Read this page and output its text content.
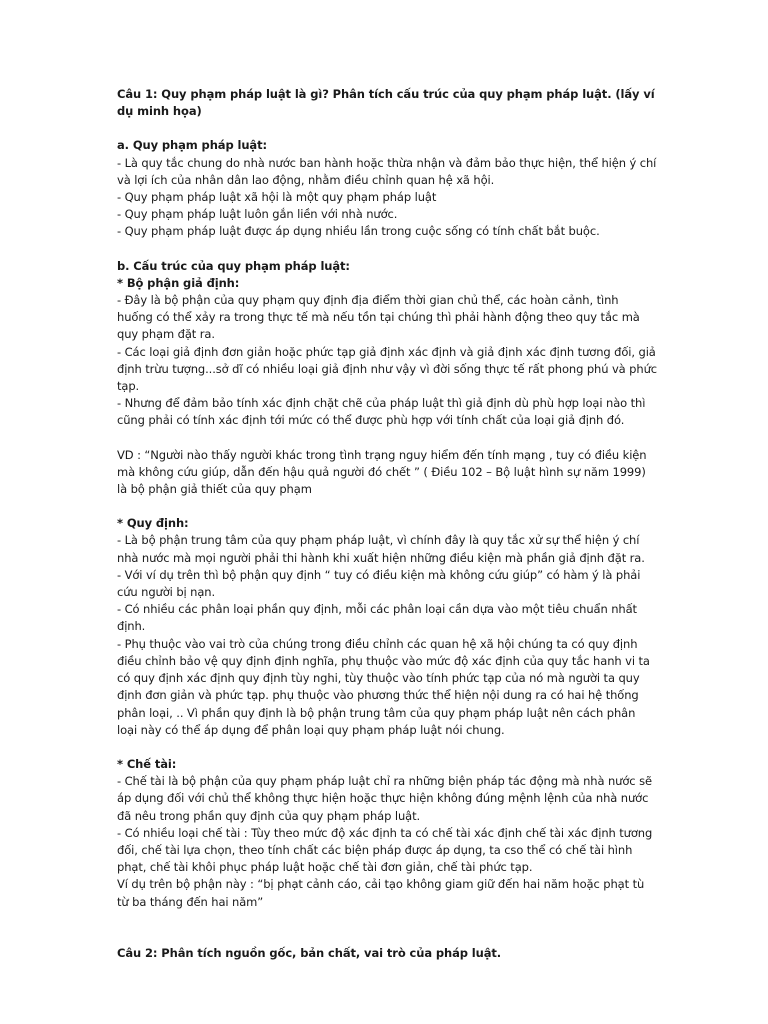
Câu 1: Quy phạm pháp luật là gì? Phân tích cấu trúc của quy phạm pháp luật. (lấy ví dụ minh họa)

a. Quy phạm pháp luật:

- Là quy tắc chung do nhà nước ban hành hoặc thừa nhận và đảm bảo thực hiện, thể hiện ý chí và lợi ích của nhân dân lao động, nhằm điều chỉnh quan hệ xã hội.

- Quy phạm pháp luật xã hội là một quy phạm pháp luật

- Quy phạm pháp luật luôn gắn liền với nhà nước.

- Quy phạm pháp luật được áp dụng nhiều lần trong cuộc sống có tính chất bắt buộc.

b. Cấu trúc của quy phạm pháp luật:

* Bộ phận giả định:

- Đây là bộ phận của quy phạm quy định địa điểm thời gian chủ thể, các hoàn cảnh, tình huống có thể xảy ra trong thực tế mà nếu tồn tại chúng thì phải hành động theo quy tắc mà quy phạm đặt ra.

- Các loại giả định đơn giản hoặc phức tạp giả định xác định và giả định xác định tương đối, giả định trừu tượng...sở dĩ có nhiều loại giả định như vậy vì đời sống thực tế rất phong phú và phức tạp.

- Nhưng để đảm bảo tính xác định chặt chẽ của pháp luật thì giả định dù phù hợp loại nào thì cũng phải có tính xác định tới mức có thể được phù hợp với tính chất của loại giả định đó.

VD : “Người nào thấy người khác trong tình trạng nguy hiểm đến tính mạng , tuy có điều kiện mà không cứu giúp, dẫn đến hậu quả người đó chết ” ( Điều 102 – Bộ luật hình sự năm 1999) là bộ phận giả thiết của quy phạm

* Quy định:

- Là bộ phận trung tâm của quy phạm pháp luật, vì chính đây là quy tắc xử sự thể hiện ý chí nhà nước mà mọi người phải thi hành khi xuất hiện những điều kiện mà phần giả định đặt ra.

- Với ví dụ trên thì bộ phận quy định “ tuy có điều kiện mà không cứu giúp” có hàm ý là phải cứu người bị nạn.

- Có nhiều các phân loại phần quy định, mỗi các phân loại cần dựa vào một tiêu chuẩn nhất định.

- Phụ thuộc vào vai trò của chúng trong điều chỉnh các quan hệ xã hội chúng ta có quy định điều chỉnh bảo vệ quy định định nghĩa, phụ thuộc vào mức độ xác định của quy tắc hanh vi ta có quy định xác định quy định tùy nghi, tùy thuộc vào tính phức tạp của nó mà người ta quy định đơn giản và phức tạp. phụ thuộc vào phương thức thể hiện nội dung ra có hai hệ thống phân loại, .. Vì phần quy định là bộ phận trung tâm của quy phạm pháp luật nên cách phân loại này có thể áp dụng để phân loại quy phạm pháp luật nói chung.

* Chế tài:

- Chế tài là bộ phận của quy phạm pháp luật chỉ ra những biện pháp tác động mà nhà nước sẽ áp dụng đối với chủ thể không thực hiện hoặc thực hiện không đúng mệnh lệnh của nhà nước đã nêu trong phần quy định của quy phạm pháp luật.

- Có nhiều loại chế tài : Tùy theo mức độ xác định ta có chế tài xác định chế tài xác định tương đối, chế tài lựa chọn, theo tính chất các biện pháp được áp dụng, ta cso thể có chế tài hình phạt, chế tài khôi phục pháp luật hoặc chế tài đơn giản, chế tài phức tạp.

Ví dụ trên bộ phận này : “bị phạt cảnh cáo, cải tạo không giam giữ đến hai năm hoặc phạt tù từ ba tháng đến hai năm”

Câu 2: Phân tích nguồn gốc, bản chất, vai trò của pháp luật.
